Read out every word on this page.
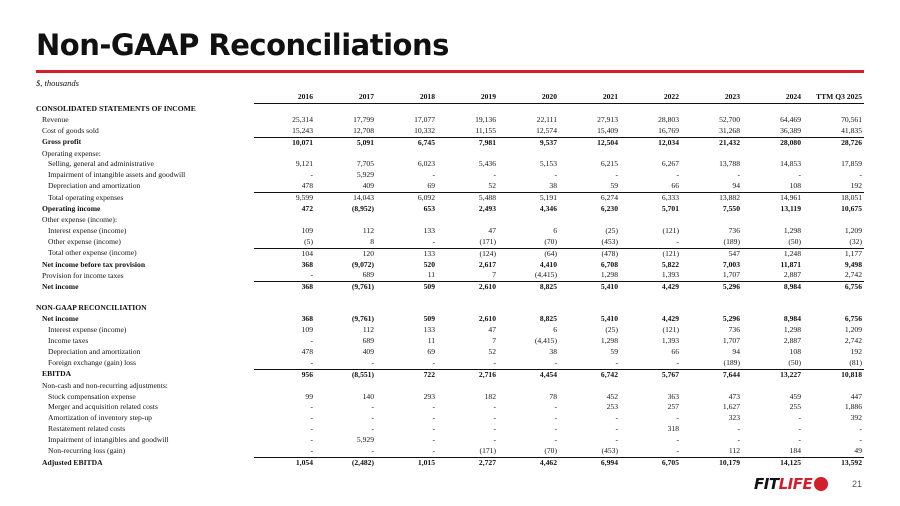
Non-GAAP Reconciliations
$, thousands
	2016	2017	2018	2019	2020	2021	2022	2023	2024	TTM Q3 2025
CONSOLIDATED STATEMENTS OF INCOME										
Revenue	25,314	17,799	17,077	19,136	22,111	27,913	28,803	52,700	64,469	70,561
Cost of goods sold	15,243	12,708	10,332	11,155	12,574	15,409	16,769	31,268	36,389	41,835
Gross profit	10,071	5,091	6,745	7,981	9,537	12,504	12,034	21,432	28,080	28,726
Operating expense:										
Selling, general and administrative	9,121	7,705	6,023	5,436	5,153	6,215	6,267	13,788	14,853	17,859
Impairment of intangible assets and goodwill	-	5,929	-	-	-	-	-	-	-	-
Depreciation and amortization	478	409	69	52	38	59	66	94	108	192
Total operating expenses	9,599	14,043	6,092	5,488	5,191	6,274	6,333	13,882	14,961	18,051
Operating income	472	(8,952)	653	2,493	4,346	6,230	5,701	7,550	13,119	10,675
Other expense (income):										
Interest expense (income)	109	112	133	47	6	(25)	(121)	736	1,298	1,209
Other expense (income)	(5)	8	-	(171)	(70)	(453)	-	(189)	(50)	(32)
Total other expense (income)	104	120	133	(124)	(64)	(478)	(121)	547	1,248	1,177
Net income before tax provision	368	(9,072)	520	2,617	4,410	6,708	5,822	7,003	11,871	9,498
Provision for income taxes	-	689	11	7	(4,415)	1,298	1,393	1,707	2,887	2,742
Net income	368	(9,761)	509	2,610	8,825	5,410	4,429	5,296	8,984	6,756

NON-GAAP RECONCILIATION										
Net income	368	(9,761)	509	2,610	8,825	5,410	4,429	5,296	8,984	6,756
Interest expense (income)	109	112	133	47	6	(25)	(121)	736	1,298	1,209
Income taxes	-	689	11	7	(4,415)	1,298	1,393	1,707	2,887	2,742
Depreciation and amortization	478	409	69	52	38	59	66	94	108	192
Foreign exchange (gain) loss	-	-	-	-	-	-	-	(189)	(50)	(81)
EBITDA	956	(8,551)	722	2,716	4,454	6,742	5,767	7,644	13,227	10,818
Non-cash and non-recurring adjustments:										
Stock compensation expense	99	140	293	182	78	452	363	473	459	447
Merger and acquisition related costs	-	-	-	-	-	253	257	1,627	255	1,886
Amortization of inventory step-up	-	-	-	-	-	-	-	323	-	392
Restatement related costs	-	-	-	-	-	-	318	-	-	-
Impairment of intangibles and goodwill	-	5,929	-	-	-	-	-	-	-	-
Non-recurring loss (gain)	-	-	-	(171)	(70)	(453)	-	112	184	49
Adjusted EBITDA	1,054	(2,482)	1,015	2,727	4,462	6,994	6,705	10,179	14,125	13,592
FITLIFE	21
